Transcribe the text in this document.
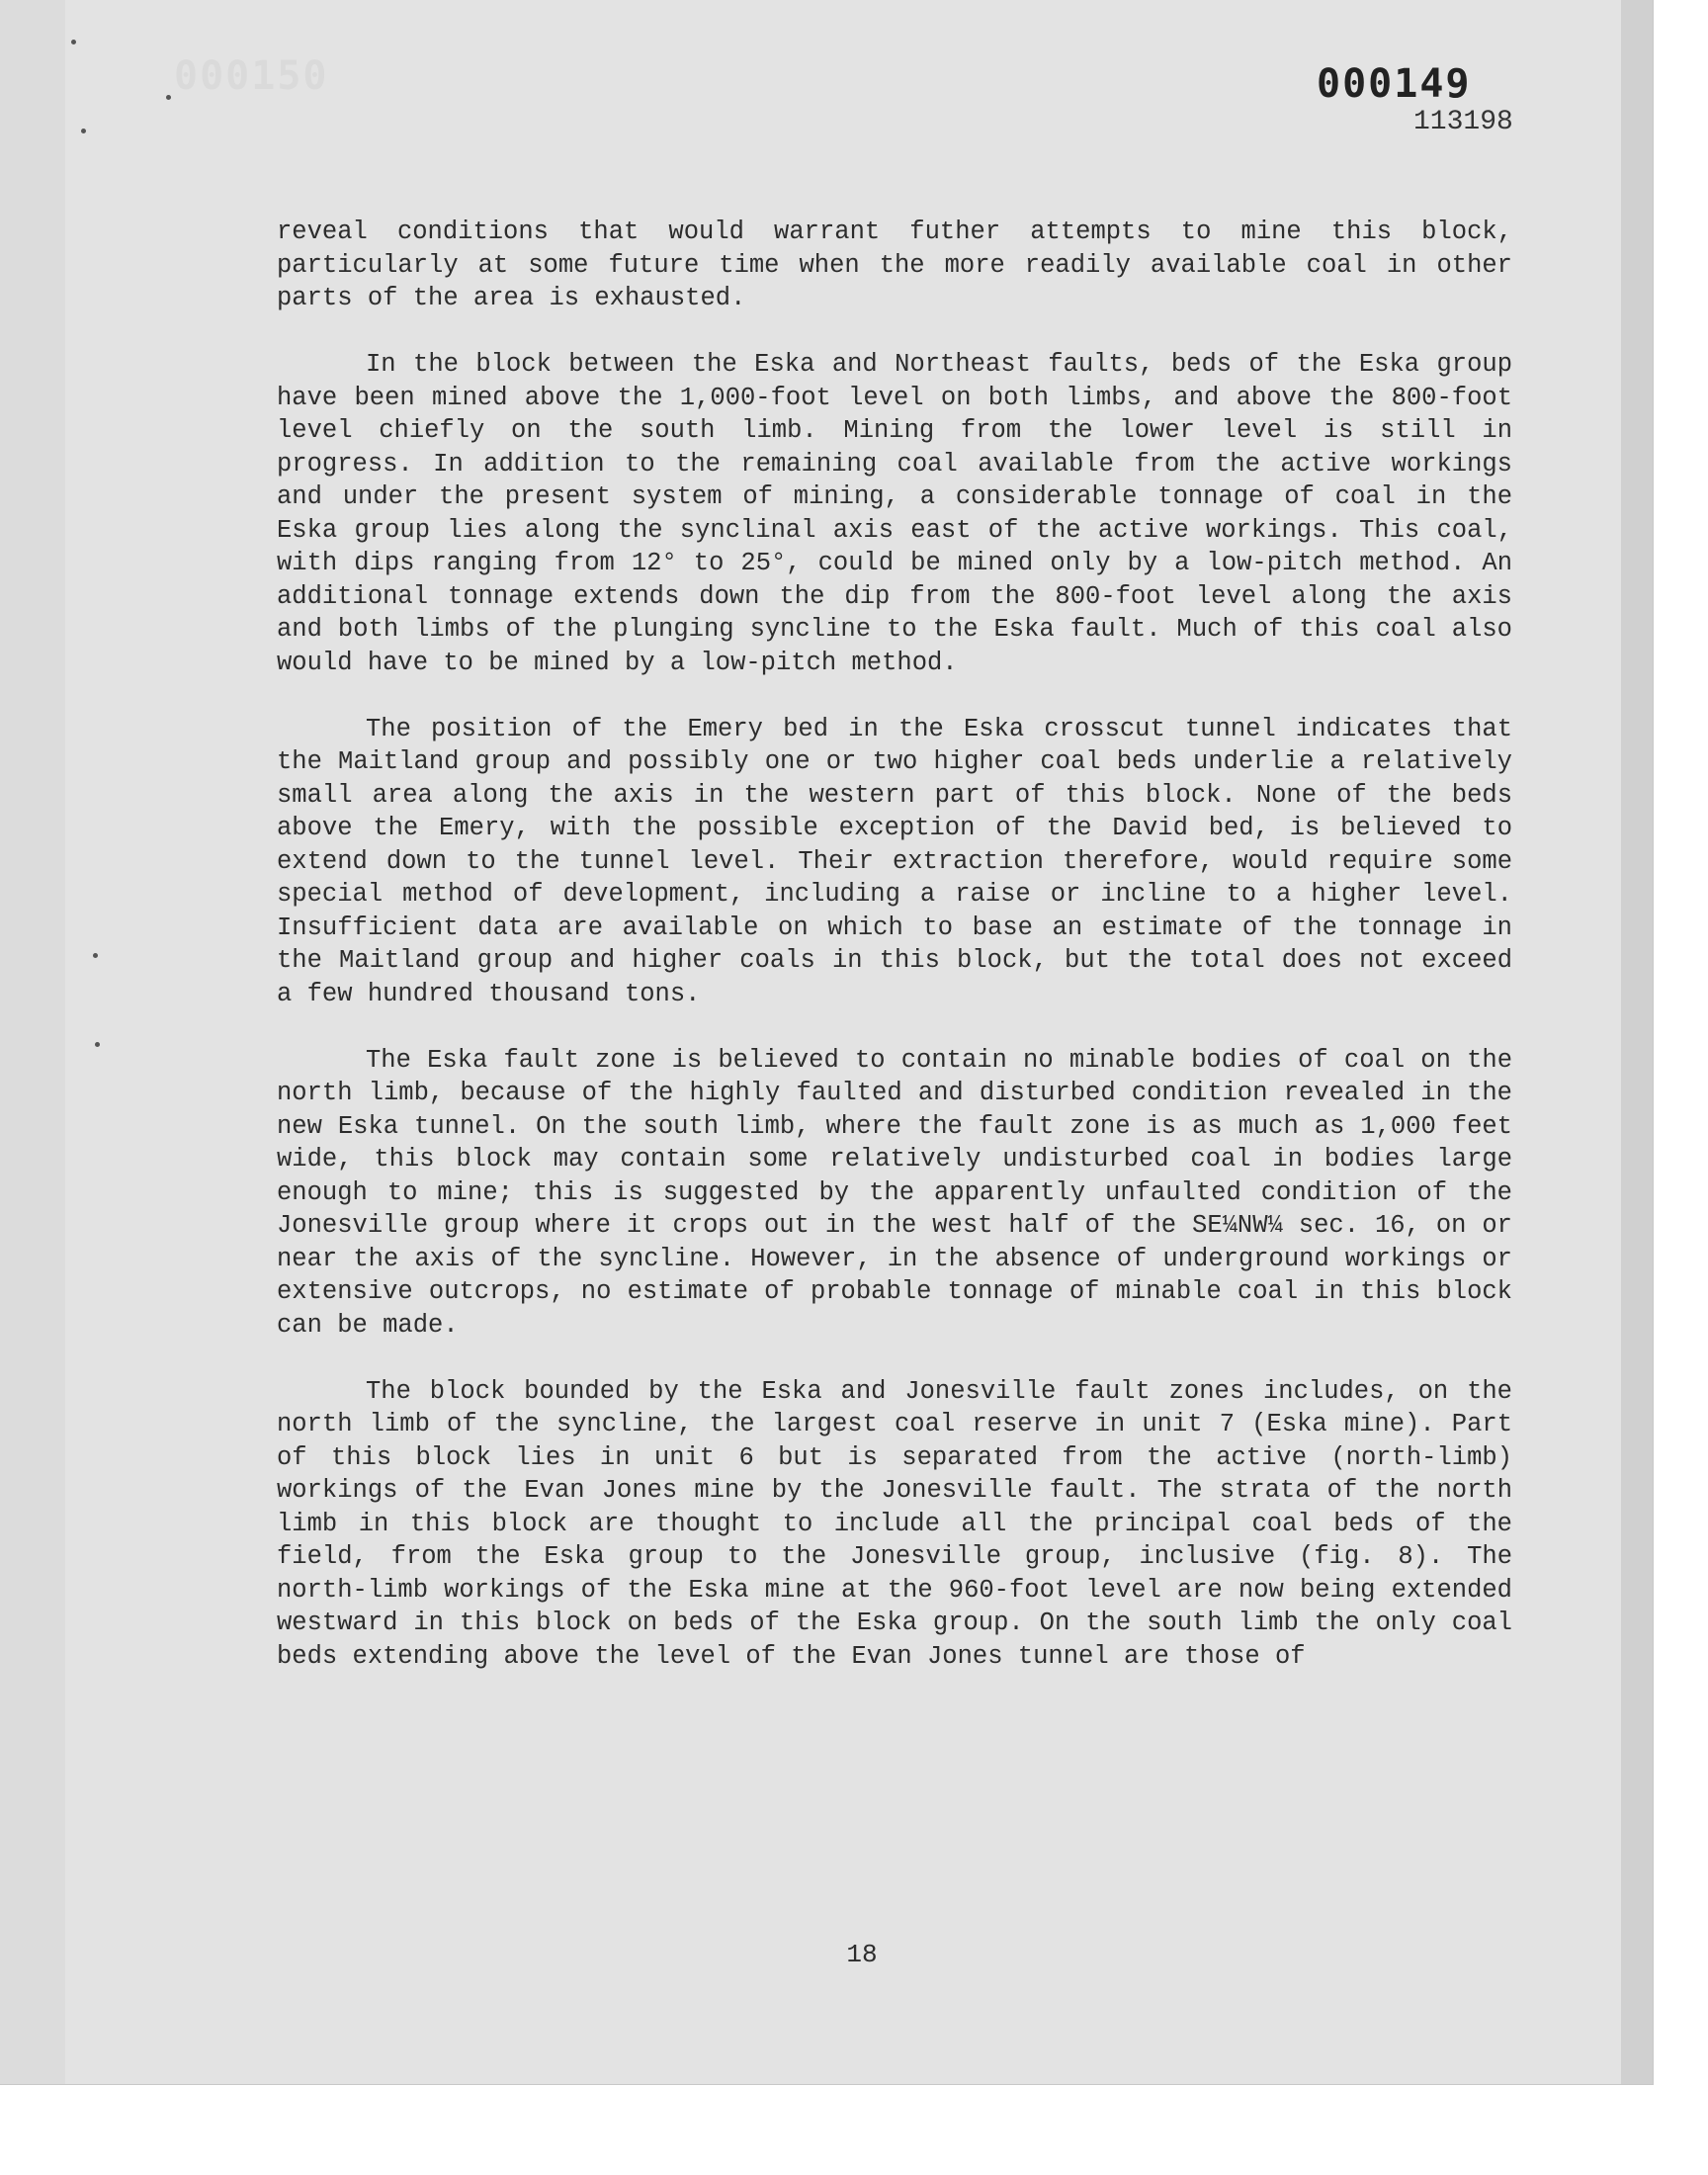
000150	000149
113198

reveal conditions that would warrant futher attempts to mine this block, particularly at some future time when the more readily available coal in other parts of the area is exhausted.

In the block between the Eska and Northeast faults, beds of the Eska group have been mined above the 1,000-foot level on both limbs, and above the 800-foot level chiefly on the south limb. Mining from the lower level is still in progress. In addition to the remaining coal available from the active workings and under the present system of mining, a considerable tonnage of coal in the Eska group lies along the synclinal axis east of the active workings. This coal, with dips ranging from 12° to 25°, could be mined only by a low-pitch method. An additional tonnage extends down the dip from the 800-foot level along the axis and both limbs of the plunging syncline to the Eska fault. Much of this coal also would have to be mined by a low-pitch method.

The position of the Emery bed in the Eska crosscut tunnel indicates that the Maitland group and possibly one or two higher coal beds underlie a relatively small area along the axis in the western part of this block. None of the beds above the Emery, with the possible exception of the David bed, is believed to extend down to the tunnel level. Their extraction therefore, would require some special method of development, including a raise or incline to a higher level. Insufficient data are available on which to base an estimate of the tonnage in the Maitland group and higher coals in this block, but the total does not exceed a few hundred thousand tons.

The Eska fault zone is believed to contain no minable bodies of coal on the north limb, because of the highly faulted and disturbed condition revealed in the new Eska tunnel. On the south limb, where the fault zone is as much as 1,000 feet wide, this block may contain some relatively undisturbed coal in bodies large enough to mine; this is suggested by the apparently unfaulted condition of the Jonesville group where it crops out in the west half of the SE¼NW¼ sec. 16, on or near the axis of the syncline. However, in the absence of underground workings or extensive outcrops, no estimate of probable tonnage of minable coal in this block can be made.

The block bounded by the Eska and Jonesville fault zones includes, on the north limb of the syncline, the largest coal reserve in unit 7 (Eska mine). Part of this block lies in unit 6 but is separated from the active (north-limb) workings of the Evan Jones mine by the Jonesville fault. The strata of the north limb in this block are thought to include all the principal coal beds of the field, from the Eska group to the Jonesville group, inclusive (fig. 8). The north-limb workings of the Eska mine at the 960-foot level are now being extended westward in this block on beds of the Eska group. On the south limb the only coal beds extending above the level of the Evan Jones tunnel are those of

18
